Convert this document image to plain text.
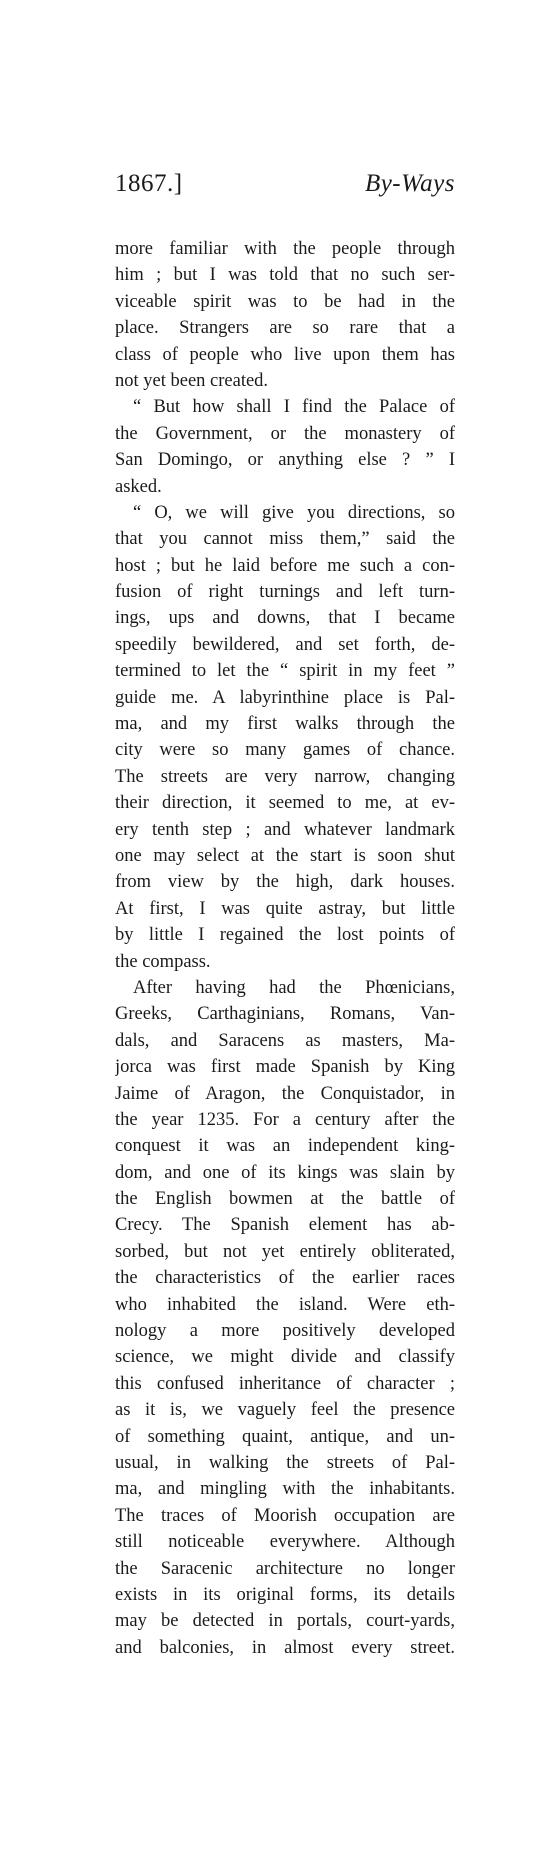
1867.]	By-Ways
more familiar with the people through
him ; but I was told that no such ser-
viceable spirit was to be had in the
place. Strangers are so rare that a
class of people who live upon them has
not yet been created.
“ But how shall I find the Palace of
the Government, or the monastery of
San Domingo, or anything else ? ” I
asked.
“ O, we will give you directions, so
that you cannot miss them,” said the
host ; but he laid before me such a con-
fusion of right turnings and left turn-
ings, ups and downs, that I became
speedily bewildered, and set forth, de-
termined to let the “ spirit in my feet ”
guide me. A labyrinthine place is Pal-
ma, and my first walks through the
city were so many games of chance.
The streets are very narrow, changing
their direction, it seemed to me, at ev-
ery tenth step ; and whatever landmark
one may select at the start is soon shut
from view by the high, dark houses.
At first, I was quite astray, but little
by little I regained the lost points of
the compass.
After having had the Phœnicians,
Greeks, Carthaginians, Romans, Van-
dals, and Saracens as masters, Ma-
jorca was first made Spanish by King
Jaime of Aragon, the Conquistador, in
the year 1235. For a century after the
conquest it was an independent king-
dom, and one of its kings was slain by
the English bowmen at the battle of
Crecy. The Spanish element has ab-
sorbed, but not yet entirely obliterated,
the characteristics of the earlier races
who inhabited the island. Were eth-
nology a more positively developed
science, we might divide and classify
this confused inheritance of character ;
as it is, we vaguely feel the presence
of something quaint, antique, and un-
usual, in walking the streets of Pal-
ma, and mingling with the inhabitants.
The traces of Moorish occupation are
still noticeable everywhere. Although
the Saracenic architecture no longer
exists in its original forms, its details
may be detected in portals, court-yards,
and balconies, in almost every street.
